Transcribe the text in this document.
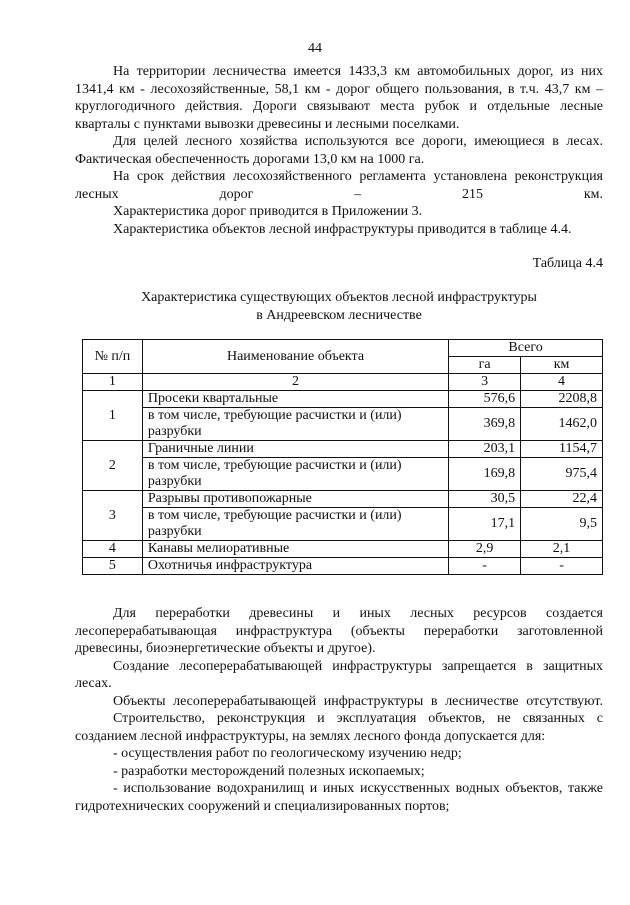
44

На территории лесничества имеется 1433,3 км автомобильных дорог, из них 1341,4 км - лесохозяйственные, 58,1 км - дорог общего пользования, в т.ч. 43,7 км – круглогодичного действия. Дороги связывают места рубок и отдельные лесные кварталы с пунктами вывозки древесины и лесными поселками.

Для целей лесного хозяйства используются все дороги, имеющиеся в лесах. Фактическая обеспеченность дорогами 13,0 км на 1000 га.

На срок действия лесохозяйственного регламента установлена реконструкция лесных дорог – 215 км.

Характеристика дорог приводится в Приложении 3.

Характеристика объектов лесной инфраструктуры приводится в таблице 4.4.

Таблица 4.4

Характеристика существующих объектов лесной инфраструктуры

в Андреевском лесничестве

№ п/п	Наименование объекта	Всего	
		га	км
1	2	3	4
1	Просеки квартальные	576,6	2208,8
	в том числе, требующие расчистки и (или) разрубки	369,8	1462,0
2	Граничные линии	203,1	1154,7
	в том числе, требующие расчистки и (или) разрубки	169,8	975,4
3	Разрывы противопожарные	30,5	22,4
	в том числе, требующие расчистки и (или) разрубки	17,1	9,5
4	Канавы мелиоративные	2,9	2,1
5	Охотничья инфраструктура	-	-

Для переработки древесины и иных лесных ресурсов создается лесоперерабатывающая инфраструктура (объекты переработки заготовленной древесины, биоэнергетические объекты и другое).

Создание лесоперерабатывающей инфраструктуры запрещается в защитных лесах.

Объекты лесоперерабатывающей инфраструктуры в лесничестве отсутствуют.

Строительство, реконструкция и эксплуатация объектов, не связанных с созданием лесной инфраструктуры, на землях лесного фонда допускается для:

- осуществления работ по геологическому изучению недр;

- разработки месторождений полезных ископаемых;

- использование водохранилищ и иных искусственных водных объектов, также гидротехнических сооружений и специализированных портов;
